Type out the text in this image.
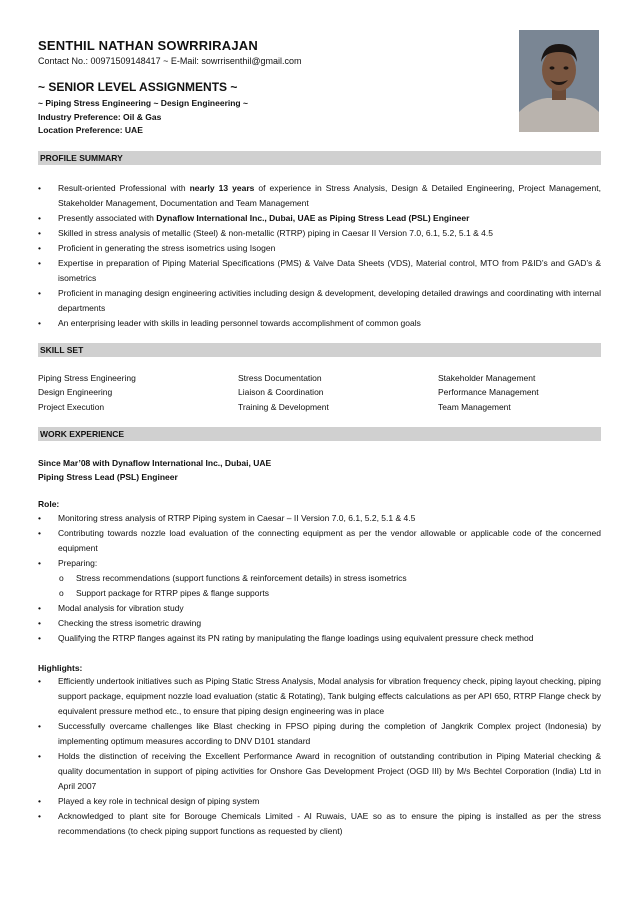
SENTHIL NATHAN SOWRRIRAJAN
Contact No.: 00971509148417 ~ E-Mail: sowrrisenthil@gmail.com
~ SENIOR LEVEL ASSIGNMENTS ~
~ Piping Stress Engineering ~ Design Engineering ~
Industry Preference: Oil & Gas
Location Preference: UAE
PROFILE SUMMARY
• Result-oriented Professional with nearly 13 years of experience in Stress Analysis, Design & Detailed Engineering, Project Management, Stakeholder Management, Documentation and Team Management
• Presently associated with Dynaflow International Inc., Dubai, UAE as Piping Stress Lead (PSL) Engineer
• Skilled in stress analysis of metallic (Steel) & non-metallic (RTRP) piping in Caesar II Version 7.0, 6.1, 5.2, 5.1 & 4.5
• Proficient in generating the stress isometrics using Isogen
• Expertise in preparation of Piping Material Specifications (PMS) & Valve Data Sheets (VDS), Material control, MTO from P&ID’s and GAD’s & isometrics
• Proficient in managing design engineering activities including design & development, developing detailed drawings and coordinating with internal departments
• An enterprising leader with skills in leading personnel towards accomplishment of common goals
SKILL SET
Piping Stress Engineering
Design Engineering
Project Execution
Stress Documentation
Liaison & Coordination
Training & Development
Stakeholder Management
Performance Management
Team Management
WORK EXPERIENCE
Since Mar’08 with Dynaflow International Inc., Dubai, UAE
Piping Stress Lead (PSL) Engineer
Role:
• Monitoring stress analysis of RTRP Piping system in Caesar – II Version 7.0, 6.1, 5.2, 5.1 & 4.5
• Contributing towards nozzle load evaluation of the connecting equipment as per the vendor allowable or applicable code of the concerned equipment
• Preparing:
o Stress recommendations (support functions & reinforcement details) in stress isometrics
o Support package for RTRP pipes & flange supports
• Modal analysis for vibration study
• Checking the stress isometric drawing
• Qualifying the RTRP flanges against its PN rating by manipulating the flange loadings using equivalent pressure check method
Highlights:
• Efficiently undertook initiatives such as Piping Static Stress Analysis, Modal analysis for vibration frequency check, piping layout checking, piping support package, equipment nozzle load evaluation (static & Rotating), Tank bulging effects calculations as per API 650, RTRP Flange check by equivalent pressure method etc., to ensure that piping design engineering was in place
• Successfully overcame challenges like Blast checking in FPSO piping during the completion of Jangkrik Complex project (Indonesia) by implementing optimum measures according to DNV D101 standard
• Holds the distinction of receiving the Excellent Performance Award in recognition of outstanding contribution in Piping Material checking & quality documentation in support of piping activities for Onshore Gas Development Project (OGD III) by M/s Bechtel Corporation (India) Ltd in April 2007
• Played a key role in technical design of piping system
• Acknowledged to plant site for Borouge Chemicals Limited - Al Ruwais, UAE so as to ensure the piping is installed as per the stress recommendations (to check piping support functions as requested by client)
